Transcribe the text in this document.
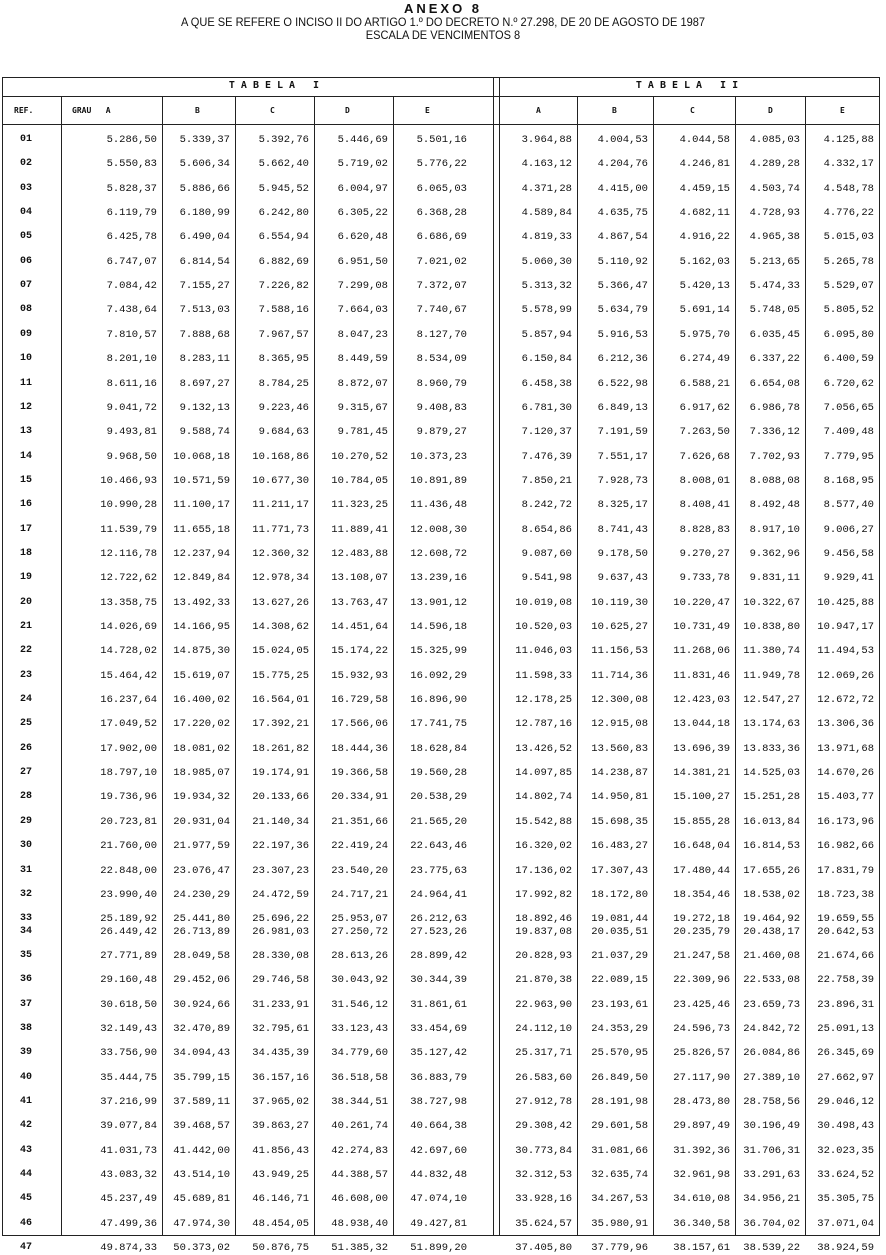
ANEXO 8
A QUE SE REFERE O INCISO II DO ARTIGO 1.º DO DECRETO N.º 27.298, DE 20 DE AGOSTO DE 1987
ESCALA DE VENCIMENTOS 8
TABELA I	TABELA II
REF.	GRAU   A	B	C	D	E	A	B	C	D	E
01	5.286,50	5.339,37	5.392,76	5.446,69	5.501,16	3.964,88	4.004,53	4.044,58	4.085,03	4.125,88
02	5.550,83	5.606,34	5.662,40	5.719,02	5.776,22	4.163,12	4.204,76	4.246,81	4.289,28	4.332,17
03	5.828,37	5.886,66	5.945,52	6.004,97	6.065,03	4.371,28	4.415,00	4.459,15	4.503,74	4.548,78
04	6.119,79	6.180,99	6.242,80	6.305,22	6.368,28	4.589,84	4.635,75	4.682,11	4.728,93	4.776,22
05	6.425,78	6.490,04	6.554,94	6.620,48	6.686,69	4.819,33	4.867,54	4.916,22	4.965,38	5.015,03
06	6.747,07	6.814,54	6.882,69	6.951,50	7.021,02	5.060,30	5.110,92	5.162,03	5.213,65	5.265,78
07	7.084,42	7.155,27	7.226,82	7.299,08	7.372,07	5.313,32	5.366,47	5.420,13	5.474,33	5.529,07
08	7.438,64	7.513,03	7.588,16	7.664,03	7.740,67	5.578,99	5.634,79	5.691,14	5.748,05	5.805,52
09	7.810,57	7.888,68	7.967,57	8.047,23	8.127,70	5.857,94	5.916,53	5.975,70	6.035,45	6.095,80
10	8.201,10	8.283,11	8.365,95	8.449,59	8.534,09	6.150,84	6.212,36	6.274,49	6.337,22	6.400,59
11	8.611,16	8.697,27	8.784,25	8.872,07	8.960,79	6.458,38	6.522,98	6.588,21	6.654,08	6.720,62
12	9.041,72	9.132,13	9.223,46	9.315,67	9.408,83	6.781,30	6.849,13	6.917,62	6.986,78	7.056,65
13	9.493,81	9.588,74	9.684,63	9.781,45	9.879,27	7.120,37	7.191,59	7.263,50	7.336,12	7.409,48
14	9.968,50	10.068,18	10.168,86	10.270,52	10.373,23	7.476,39	7.551,17	7.626,68	7.702,93	7.779,95
15	10.466,93	10.571,59	10.677,30	10.784,05	10.891,89	7.850,21	7.928,73	8.008,01	8.088,08	8.168,95
16	10.990,28	11.100,17	11.211,17	11.323,25	11.436,48	8.242,72	8.325,17	8.408,41	8.492,48	8.577,40
17	11.539,79	11.655,18	11.771,73	11.889,41	12.008,30	8.654,86	8.741,43	8.828,83	8.917,10	9.006,27
18	12.116,78	12.237,94	12.360,32	12.483,88	12.608,72	9.087,60	9.178,50	9.270,27	9.362,96	9.456,58
19	12.722,62	12.849,84	12.978,34	13.108,07	13.239,16	9.541,98	9.637,43	9.733,78	9.831,11	9.929,41
20	13.358,75	13.492,33	13.627,26	13.763,47	13.901,12	10.019,08	10.119,30	10.220,47	10.322,67	10.425,88
21	14.026,69	14.166,95	14.308,62	14.451,64	14.596,18	10.520,03	10.625,27	10.731,49	10.838,80	10.947,17
22	14.728,02	14.875,30	15.024,05	15.174,22	15.325,99	11.046,03	11.156,53	11.268,06	11.380,74	11.494,53
23	15.464,42	15.619,07	15.775,25	15.932,93	16.092,29	11.598,33	11.714,36	11.831,46	11.949,78	12.069,26
24	16.237,64	16.400,02	16.564,01	16.729,58	16.896,90	12.178,25	12.300,08	12.423,03	12.547,27	12.672,72
25	17.049,52	17.220,02	17.392,21	17.566,06	17.741,75	12.787,16	12.915,08	13.044,18	13.174,63	13.306,36
26	17.902,00	18.081,02	18.261,82	18.444,36	18.628,84	13.426,52	13.560,83	13.696,39	13.833,36	13.971,68
27	18.797,10	18.985,07	19.174,91	19.366,58	19.560,28	14.097,85	14.238,87	14.381,21	14.525,03	14.670,26
28	19.736,96	19.934,32	20.133,66	20.334,91	20.538,29	14.802,74	14.950,81	15.100,27	15.251,28	15.403,77
29	20.723,81	20.931,04	21.140,34	21.351,66	21.565,20	15.542,88	15.698,35	15.855,28	16.013,84	16.173,96
30	21.760,00	21.977,59	22.197,36	22.419,24	22.643,46	16.320,02	16.483,27	16.648,04	16.814,53	16.982,66
31	22.848,00	23.076,47	23.307,23	23.540,20	23.775,63	17.136,02	17.307,43	17.480,44	17.655,26	17.831,79
32	23.990,40	24.230,29	24.472,59	24.717,21	24.964,41	17.992,82	18.172,80	18.354,46	18.538,02	18.723,38
33	25.189,92	25.441,80	25.696,22	25.953,07	26.212,63	18.892,46	19.081,44	19.272,18	19.464,92	19.659,55
34	26.449,42	26.713,89	26.981,03	27.250,72	27.523,26	19.837,08	20.035,51	20.235,79	20.438,17	20.642,53
35	27.771,89	28.049,58	28.330,08	28.613,26	28.899,42	20.828,93	21.037,29	21.247,58	21.460,08	21.674,66
36	29.160,48	29.452,06	29.746,58	30.043,92	30.344,39	21.870,38	22.089,15	22.309,96	22.533,08	22.758,39
37	30.618,50	30.924,66	31.233,91	31.546,12	31.861,61	22.963,90	23.193,61	23.425,46	23.659,73	23.896,31
38	32.149,43	32.470,89	32.795,61	33.123,43	33.454,69	24.112,10	24.353,29	24.596,73	24.842,72	25.091,13
39	33.756,90	34.094,43	34.435,39	34.779,60	35.127,42	25.317,71	25.570,95	25.826,57	26.084,86	26.345,69
40	35.444,75	35.799,15	36.157,16	36.518,58	36.883,79	26.583,60	26.849,50	27.117,90	27.389,10	27.662,97
41	37.216,99	37.589,11	37.965,02	38.344,51	38.727,98	27.912,78	28.191,98	28.473,80	28.758,56	29.046,12
42	39.077,84	39.468,57	39.863,27	40.261,74	40.664,38	29.308,42	29.601,58	29.897,49	30.196,49	30.498,43
43	41.031,73	41.442,00	41.856,43	42.274,83	42.697,60	30.773,84	31.081,66	31.392,36	31.706,31	32.023,35
44	43.083,32	43.514,10	43.949,25	44.388,57	44.832,48	32.312,53	32.635,74	32.961,98	33.291,63	33.624,52
45	45.237,49	45.689,81	46.146,71	46.608,00	47.074,10	33.928,16	34.267,53	34.610,08	34.956,21	35.305,75
46	47.499,36	47.974,30	48.454,05	48.938,40	49.427,81	35.624,57	35.980,91	36.340,58	36.704,02	37.071,04
47	49.874,33	50.373,02	50.876,75	51.385,32	51.899,20	37.405,80	37.779,96	38.157,61	38.539,22	38.924,59
